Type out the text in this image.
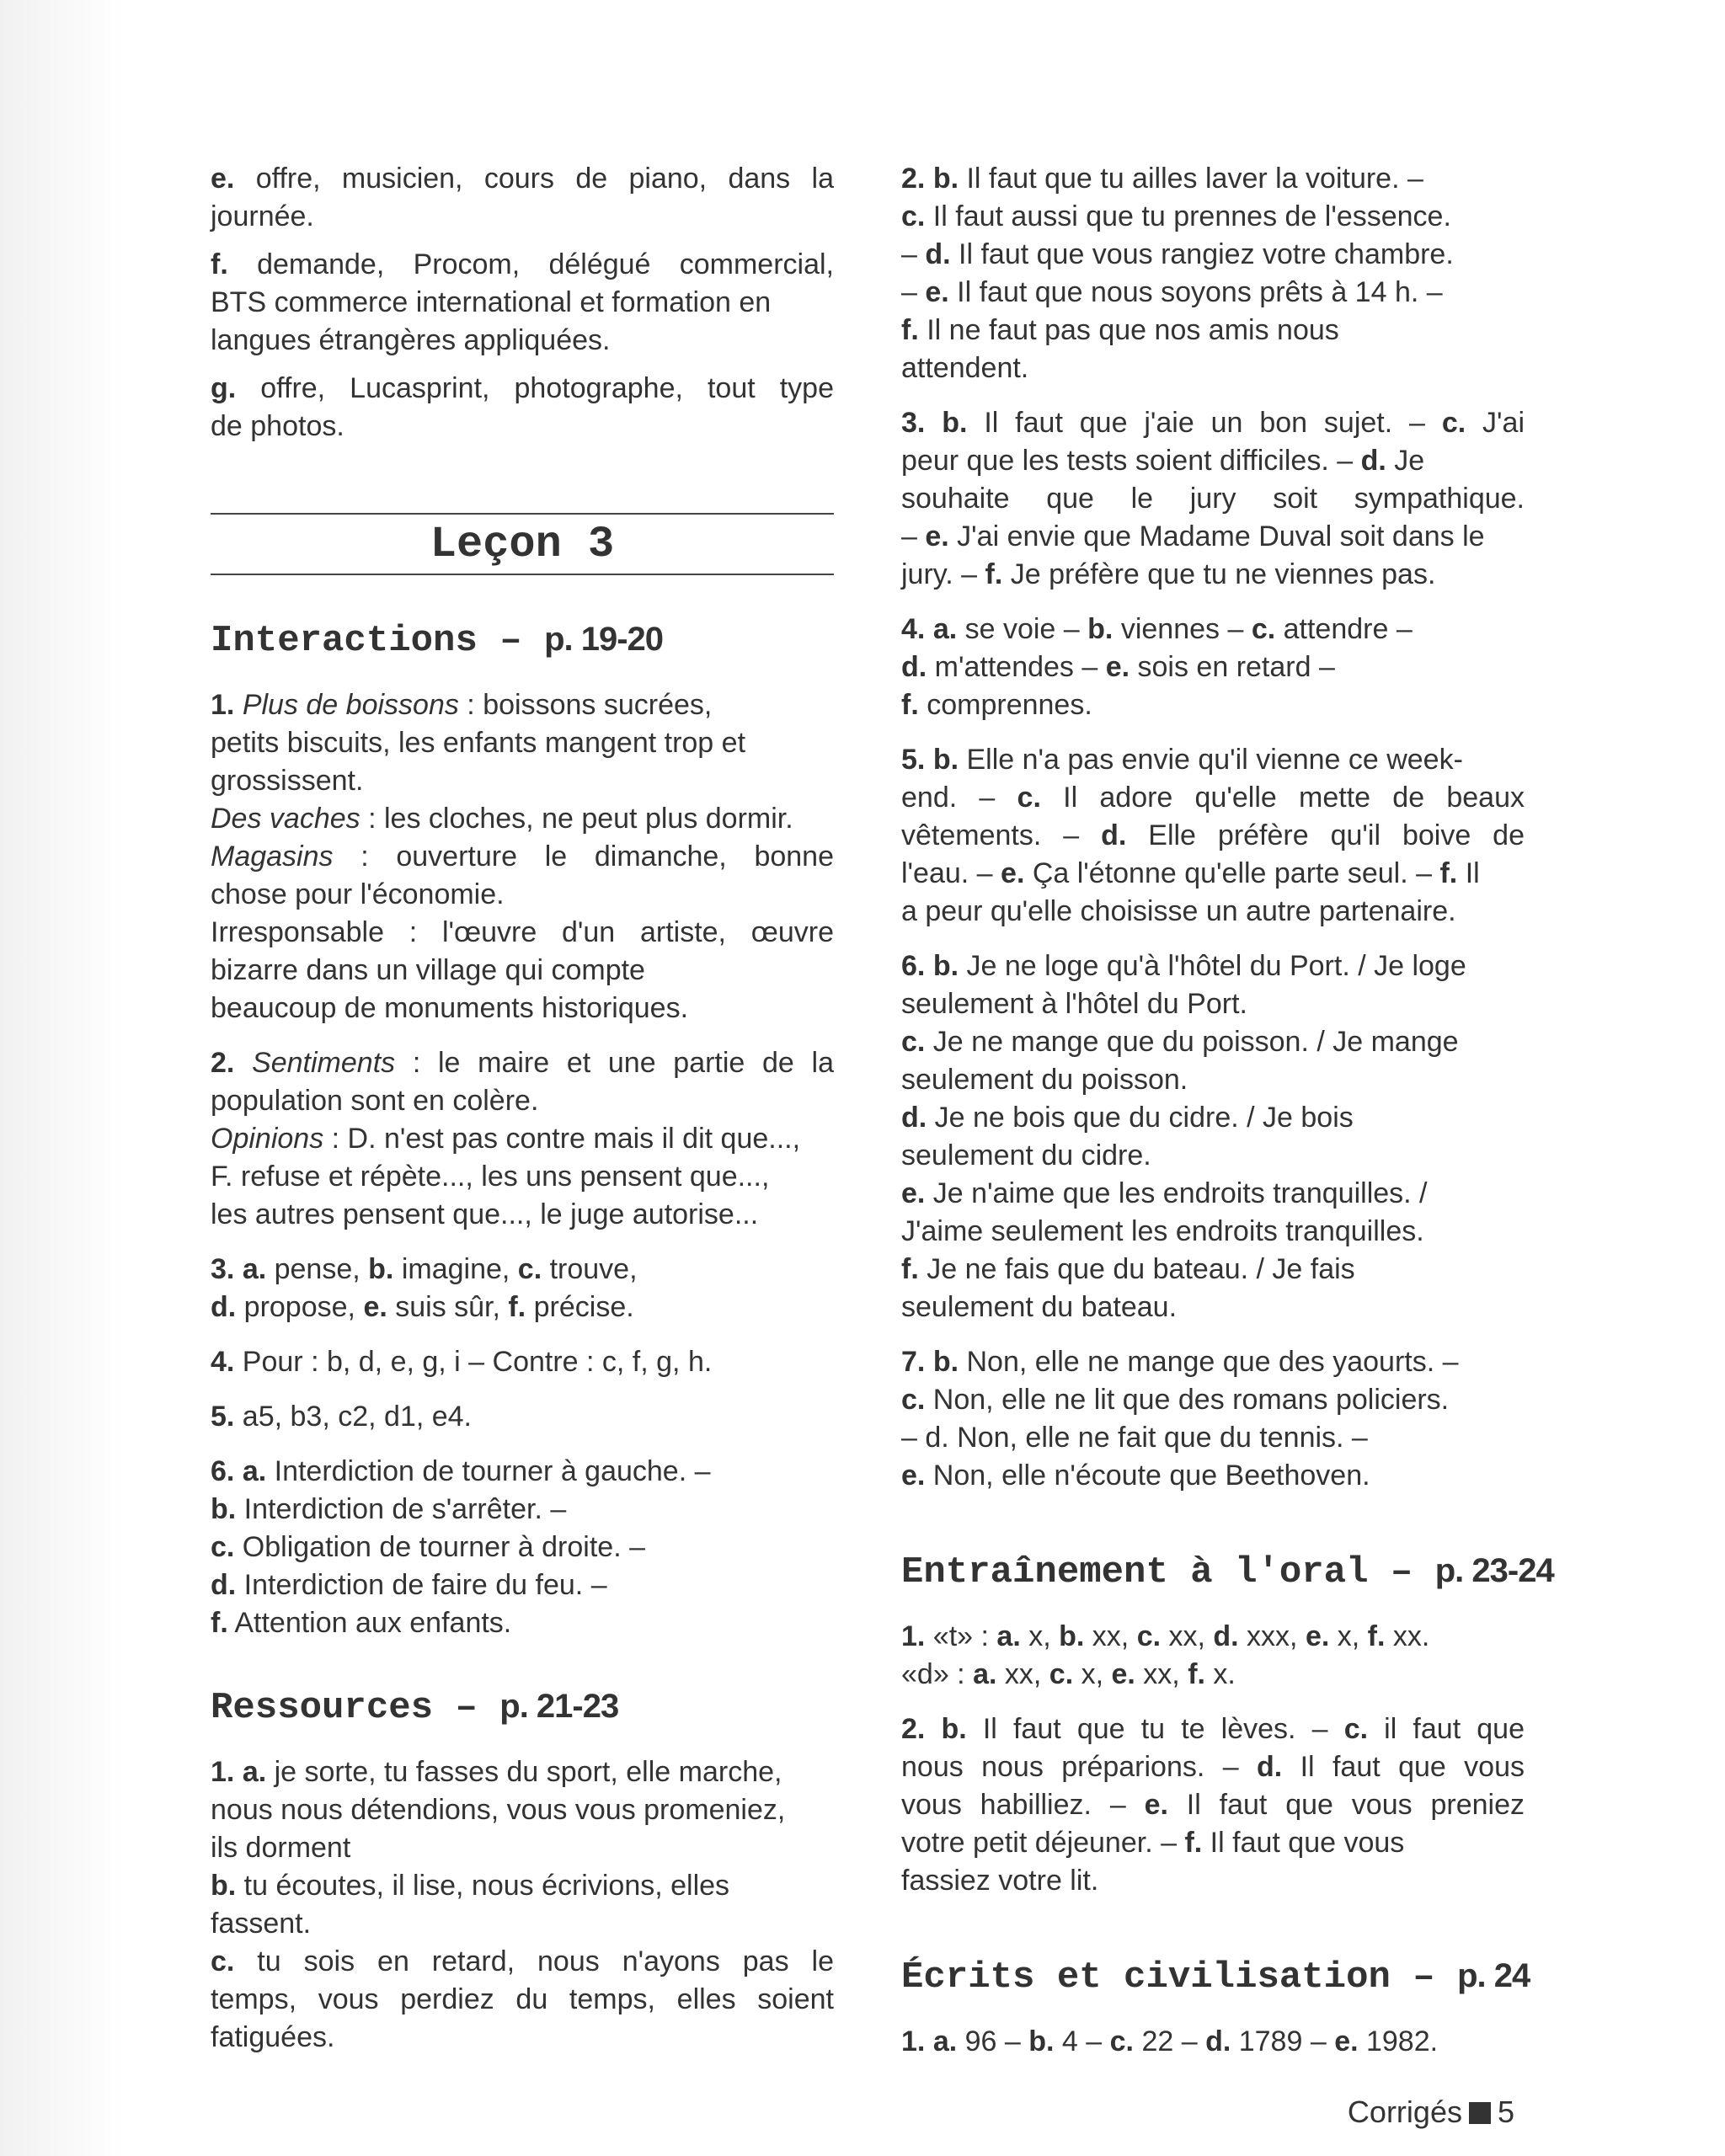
e. offre, musicien, cours de piano, dans la
journée.
f. demande, Procom, délégué commercial,
BTS commerce international et formation en
langues étrangères appliquées.
g. offre, Lucasprint, photographe, tout type
de photos.
Leçon 3
Interactions – p. 19-20
1. Plus de boissons : boissons sucrées,
petits biscuits, les enfants mangent trop et
grossissent.
Des vaches : les cloches, ne peut plus dormir.
Magasins : ouverture le dimanche, bonne
chose pour l'économie.
Irresponsable : l'œuvre d'un artiste, œuvre
bizarre dans un village qui compte
beaucoup de monuments historiques.
2. Sentiments : le maire et une partie de la
population sont en colère.
Opinions : D. n'est pas contre mais il dit que...,
F. refuse et répète..., les uns pensent que...,
les autres pensent que..., le juge autorise...
3. a. pense, b. imagine, c. trouve,
d. propose, e. suis sûr, f. précise.
4. Pour : b, d, e, g, i – Contre : c, f, g, h.
5. a5, b3, c2, d1, e4.
6. a. Interdiction de tourner à gauche. –
b. Interdiction de s'arrêter. –
c. Obligation de tourner à droite. –
d. Interdiction de faire du feu. –
f. Attention aux enfants.
Ressources – p. 21-23
1. a. je sorte, tu fasses du sport, elle marche,
nous nous détendions, vous vous promeniez,
ils dorment
b. tu écoutes, il lise, nous écrivions, elles
fassent.
c. tu sois en retard, nous n'ayons pas le
temps, vous perdiez du temps, elles soient
fatiguées.
2. b. Il faut que tu ailles laver la voiture. –
c. Il faut aussi que tu prennes de l'essence.
– d. Il faut que vous rangiez votre chambre.
– e. Il faut que nous soyons prêts à 14 h. –
f. Il ne faut pas que nos amis nous
attendent.
3. b. Il faut que j'aie un bon sujet. – c. J'ai
peur que les tests soient difficiles. – d. Je
souhaite que le jury soit sympathique.
– e. J'ai envie que Madame Duval soit dans le
jury. – f. Je préfère que tu ne viennes pas.
4. a. se voie – b. viennes – c. attendre –
d. m'attendes – e. sois en retard –
f. comprennes.
5. b. Elle n'a pas envie qu'il vienne ce week-
end. – c. Il adore qu'elle mette de beaux
vêtements. – d. Elle préfère qu'il boive de
l'eau. – e. Ça l'étonne qu'elle parte seul. – f. Il
a peur qu'elle choisisse un autre partenaire.
6. b. Je ne loge qu'à l'hôtel du Port. / Je loge
seulement à l'hôtel du Port.
c. Je ne mange que du poisson. / Je mange
seulement du poisson.
d. Je ne bois que du cidre. / Je bois
seulement du cidre.
e. Je n'aime que les endroits tranquilles. /
J'aime seulement les endroits tranquilles.
f. Je ne fais que du bateau. / Je fais
seulement du bateau.
7. b. Non, elle ne mange que des yaourts. –
c. Non, elle ne lit que des romans policiers.
– d. Non, elle ne fait que du tennis. –
e. Non, elle n'écoute que Beethoven.
Entraînement à l'oral – p. 23-24
1. «t» : a. x, b. xx, c. xx, d. xxx, e. x, f. xx.
«d» : a. xx, c. x, e. xx, f. x.
2. b. Il faut que tu te lèves. – c. il faut que
nous nous préparions. – d. Il faut que vous
vous habilliez. – e. Il faut que vous preniez
votre petit déjeuner. – f. Il faut que vous
fassiez votre lit.
Écrits et civilisation – p. 24
1. a. 96 – b. 4 – c. 22 – d. 1789 – e. 1982.
Corrigés 5
